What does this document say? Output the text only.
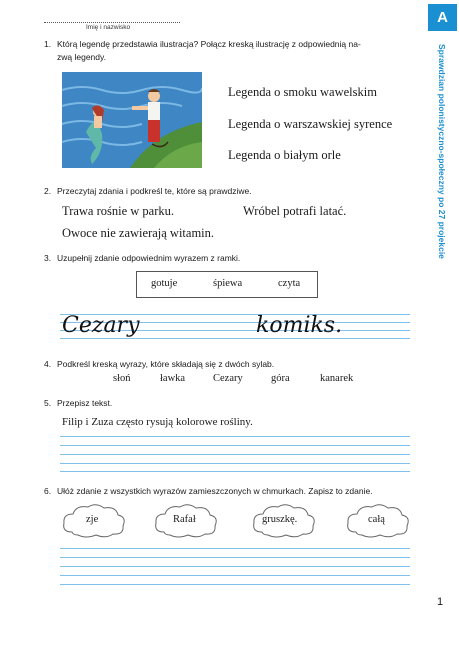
Imię i nazwisko
A
Sprawdzian polonistyczno-społeczny po 27 projekcie
1. Którą legendę przedstawia ilustracja? Połącz kreską ilustrację z odpowiednią na-
zwą legendy.
Legenda o smoku wawelskim
Legenda o warszawskiej syrence
Legenda o białym orle
2. Przeczytaj zdania i podkreśl te, które są prawdziwe.
Trawa rośnie w parku.	Wróbel potrafi latać.
Owoce nie zawierają witamin.
3. Uzupełnij zdanie odpowiednim wyrazem z ramki.
gotuje	śpiewa	czyta
Cezary	komiks.
4. Podkreśl kreską wyrazy, które składają się z dwóch sylab.
słoń	ławka	Cezary	góra	kanarek
5. Przepisz tekst.
Filip i Zuza często rysują kolorowe rośliny.
6. Ułóż zdanie z wszystkich wyrazów zamieszczonych w chmurkach. Zapisz to zdanie.
zje	Rafał	gruszkę.	całą
1
